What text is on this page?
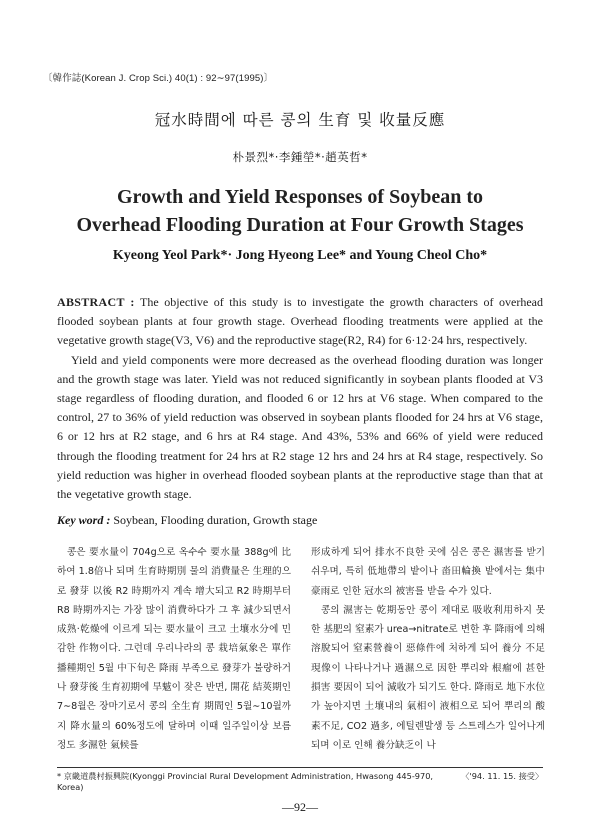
〔韓作誌(Korean J. Crop Sci.) 40(1) : 92∼97(1995)〕
冠水時間에 따른 콩의 生育 및 收量反應
朴景烈*·李鍾塋*·趙英哲*
Growth and Yield Responses of Soybean to
Overhead Flooding Duration at Four Growth Stages
Kyeong Yeol Park*· Jong Hyeong Lee* and Young Cheol Cho*

ABSTRACT : The objective of this study is to investigate the growth characters of overhead flooded soybean plants at four growth stage. Overhead flooding treatments were applied at the vegetative growth stage(V3, V6) and the reproductive stage(R2, R4) for 6·12·24 hrs, respectively.

Yield and yield components were more decreased as the overhead flooding duration was longer and the growth stage was later. Yield was not reduced significantly in soybean plants flooded at V3 stage regardless of flooding duration, and flooded 6 or 12 hrs at V6 stage. When compared to the control, 27 to 36% of yield reduction was observed in soybean plants flooded for 24 hrs at V6 stage, 6 or 12 hrs at R2 stage, and 6 hrs at R4 stage. And 43%, 53% and 66% of yield were reduced through the flooding treatment for 24 hrs at R2 stage 12 hrs and 24 hrs at R4 stage, respectively. So yield reduction was higher in overhead flooded soybean plants at the reproductive stage than that at the vegetative growth stage.

Key word : Soybean, Flooding duration, Growth stage

콩은 要水量이 704g으로 옥수수 要水量 388g에 比하여 1.8倍나 되며 生育時期別 물의 消費量은 生理的으로 發芽 以後 R2 時期까지 계속 增大되고 R2 時期부터 R8 時期까지는 가장 많이 消費하다가 그 후 減少되면서 成熟·乾燥에 이르게 되는 要水量이 크고 土壤水分에 민감한 作物이다. 그런데 우리나라의 콩 栽培氣象은 單作 播種期인 5월 中下旬은 降雨 부족으로 發芽가 불량하거나 發芽後 生育初期에 旱魃이 잦은 반면, 開花 結莢期인 7∼8월은 장마기로서 콩의 全生育 期間인 5월∼10월까지 降水量의 60%정도에 달하며 이때 일주일이상 보름 정도 多濕한 氣候를

形成하게 되어 排水不良한 곳에 심은 콩은 濕害를 받기 쉬우며, 특히 低地帶의 밭이나 畓田輪換 밭에서는 集中豪雨로 인한 冠水의 被害를 받을 수가 있다.

콩의 濕害는 乾期동안 콩이 제대로 吸收利用하지 못한 基肥의 窒素가 urea→nitrate로 변한 후 降雨에 의해 溶脫되어 窒素營養이 惡條件에 처하게 되어 養分 不足現像이 나타나거나 過濕으로 因한 뿌리와 根瘤에 甚한 損害 要因이 되어 減收가 되기도 한다. 降雨로 地下水位가 높아지면 土壤내의 氣相이 液相으로 되어 뿌리의 酸素不足, CO2 過多, 에틸렌발생 등 스트레스가 일어나게 되며 이로 인해 養分缺乏이 나

* 京畿道農村振興院(Kyonggi Provincial Rural Development Administration, Hwasong 445-970, Korea)
〈'94. 11. 15. 接受〉
—92—
